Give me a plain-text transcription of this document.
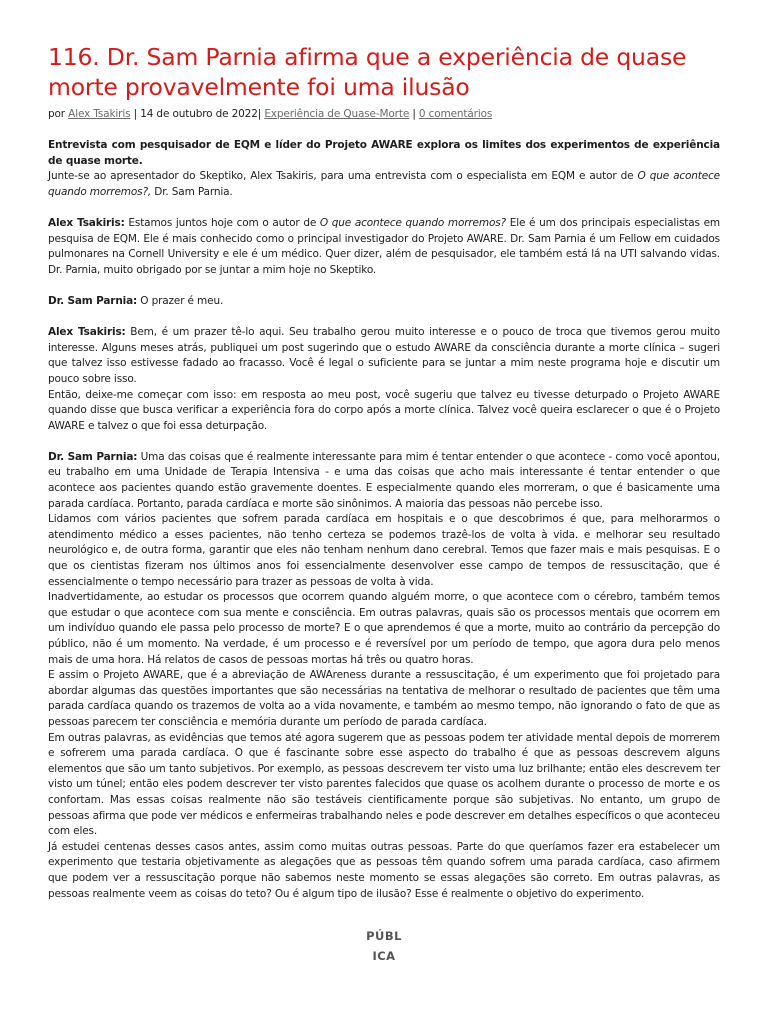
116. Dr. Sam Parnia afirma que a experiência de quase morte provavelmente foi uma ilusão
por Alex Tsakiris | 14 de outubro de 2022| Experiência de Quase-Morte | 0 comentários

Entrevista com pesquisador de EQM e líder do Projeto AWARE explora os limites dos experimentos de experiência de quase morte.

Junte-se ao apresentador do Skeptiko, Alex Tsakiris, para uma entrevista com o especialista em EQM e autor de O que acontece quando morremos?, Dr. Sam Parnia.

Alex Tsakiris: Estamos juntos hoje com o autor de O que acontece quando morremos? Ele é um dos principais especialistas em pesquisa de EQM. Ele é mais conhecido como o principal investigador do Projeto AWARE. Dr. Sam Parnia é um Fellow em cuidados pulmonares na Cornell University e ele é um médico. Quer dizer, além de pesquisador, ele também está lá na UTI salvando vidas. Dr. Parnia, muito obrigado por se juntar a mim hoje no Skeptiko.

Dr. Sam Parnia: O prazer é meu.

Alex Tsakiris: Bem, é um prazer tê-lo aqui. Seu trabalho gerou muito interesse e o pouco de troca que tivemos gerou muito interesse. Alguns meses atrás, publiquei um post sugerindo que o estudo AWARE da consciência durante a morte clínica – sugeri que talvez isso estivesse fadado ao fracasso. Você é legal o suficiente para se juntar a mim neste programa hoje e discutir um pouco sobre isso.

Então, deixe-me começar com isso: em resposta ao meu post, você sugeriu que talvez eu tivesse deturpado o Projeto AWARE quando disse que busca verificar a experiência fora do corpo após a morte clínica. Talvez você queira esclarecer o que é o Projeto AWARE e talvez o que foi essa deturpação.

Dr. Sam Parnia: Uma das coisas que é realmente interessante para mim é tentar entender o que acontece - como você apontou, eu trabalho em uma Unidade de Terapia Intensiva - e uma das coisas que acho mais interessante é tentar entender o que acontece aos pacientes quando estão gravemente doentes. E especialmente quando eles morreram, o que é basicamente uma parada cardíaca. Portanto, parada cardíaca e morte são sinônimos. A maioria das pessoas não percebe isso.

Lidamos com vários pacientes que sofrem parada cardíaca em hospitais e o que descobrimos é que, para melhorarmos o atendimento médico a esses pacientes, não tenho certeza se podemos trazê-los de volta à vida. e melhorar seu resultado neurológico e, de outra forma, garantir que eles não tenham nenhum dano cerebral. Temos que fazer mais e mais pesquisas. E o que os cientistas fizeram nos últimos anos foi essencialmente desenvolver esse campo de tempos de ressuscitação, que é essencialmente o tempo necessário para trazer as pessoas de volta à vida.

Inadvertidamente, ao estudar os processos que ocorrem quando alguém morre, o que acontece com o cérebro, também temos que estudar o que acontece com sua mente e consciência. Em outras palavras, quais são os processos mentais que ocorrem em um indivíduo quando ele passa pelo processo de morte? E o que aprendemos é que a morte, muito ao contrário da percepção do público, não é um momento. Na verdade, é um processo e é reversível por um período de tempo, que agora dura pelo menos mais de uma hora. Há relatos de casos de pessoas mortas há três ou quatro horas.

E assim o Projeto AWARE, que é a abreviação de AWAreness durante a ressuscitação, é um experimento que foi projetado para abordar algumas das questões importantes que são necessárias na tentativa de melhorar o resultado de pacientes que têm uma parada cardíaca quando os trazemos de volta ao a vida novamente, e também ao mesmo tempo, não ignorando o fato de que as pessoas parecem ter consciência e memória durante um período de parada cardíaca.

Em outras palavras, as evidências que temos até agora sugerem que as pessoas podem ter atividade mental depois de morrerem e sofrerem uma parada cardíaca. O que é fascinante sobre esse aspecto do trabalho é que as pessoas descrevem alguns elementos que são um tanto subjetivos. Por exemplo, as pessoas descrevem ter visto uma luz brilhante; então eles descrevem ter visto um túnel; então eles podem descrever ter visto parentes falecidos que quase os acolhem durante o processo de morte e os confortam. Mas essas coisas realmente não são testáveis cientificamente porque são subjetivas. No entanto, um grupo de pessoas afirma que pode ver médicos e enfermeiras trabalhando neles e pode descrever em detalhes específicos o que aconteceu com eles.

Já estudei centenas desses casos antes, assim como muitas outras pessoas. Parte do que queríamos fazer era estabelecer um experimento que testaria objetivamente as alegações que as pessoas têm quando sofrem uma parada cardíaca, caso afirmem que podem ver a ressuscitação porque não sabemos neste momento se essas alegações são correto. Em outras palavras, as pessoas realmente veem as coisas do teto? Ou é algum tipo de ilusão? Esse é realmente o objetivo do experimento.

PÚBL
ICA
